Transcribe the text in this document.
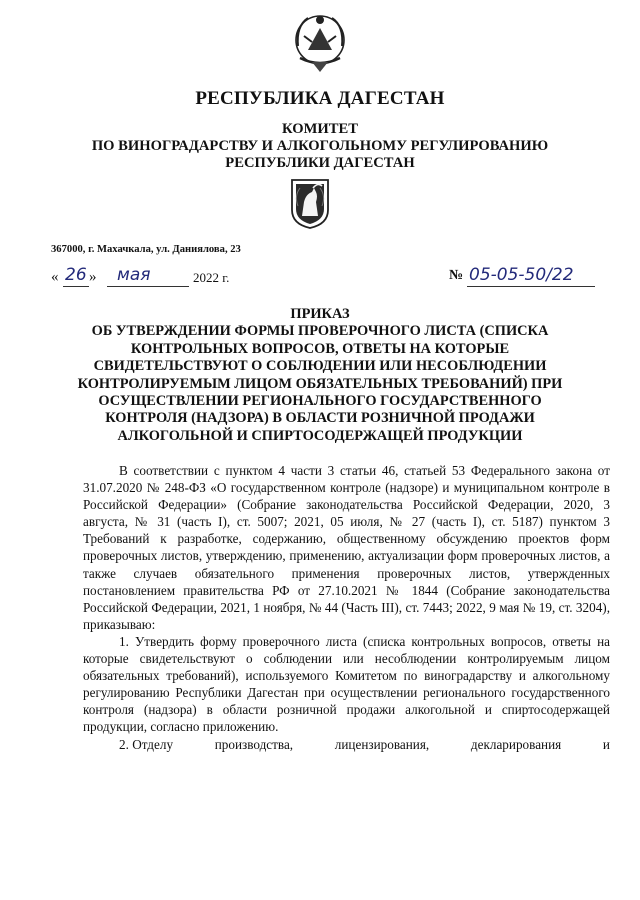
РЕСПУБЛИКА ДАГЕСТАН
КОМИТЕТ
ПО ВИНОГРАДАРСТВУ И АЛКОГОЛЬНОМУ РЕГУЛИРОВАНИЮ
РЕСПУБЛИКИ ДАГЕСТАН
367000, г. Махачкала, ул. Даниялова, 23
« 26 » мая	2022 г.	№ 05-05-50/22
ПРИКАЗ
ОБ УТВЕРЖДЕНИИ ФОРМЫ ПРОВЕРОЧНОГО ЛИСТА (СПИСКА
КОНТРОЛЬНЫХ ВОПРОСОВ, ОТВЕТЫ НА КОТОРЫЕ
СВИДЕТЕЛЬСТВУЮТ О СОБЛЮДЕНИИ ИЛИ НЕСОБЛЮДЕНИИ
КОНТРОЛИРУЕМЫМ ЛИЦОМ ОБЯЗАТЕЛЬНЫХ ТРЕБОВАНИЙ) ПРИ
ОСУЩЕСТВЛЕНИИ РЕГИОНАЛЬНОГО ГОСУДАРСТВЕННОГО
КОНТРОЛЯ (НАДЗОРА) В ОБЛАСТИ РОЗНИЧНОЙ ПРОДАЖИ
АЛКОГОЛЬНОЙ И СПИРТОСОДЕРЖАЩЕЙ ПРОДУКЦИИ

В соответствии с пунктом 4 части 3 статьи 46, статьей 53 Федерального закона от 31.07.2020 № 248-ФЗ «О государственном контроле (надзоре) и муниципальном контроле в Российской Федерации» (Собрание законодательства Российской Федерации, 2020, 3 августа, № 31 (часть I), ст. 5007; 2021, 05 июля, № 27 (часть I), ст. 5187) пунктом 3 Требований к разработке, содержанию, общественному обсуждению проектов форм проверочных листов, утверждению, применению, актуализации форм проверочных листов, а также случаев обязательного применения проверочных листов, утвержденных постановлением правительства РФ от 27.10.2021 № 1844 (Собрание законодательства Российской Федерации, 2021, 1 ноября, № 44 (Часть III), ст. 7443; 2022, 9 мая № 19, ст. 3204), приказываю:

1. Утвердить форму проверочного листа (списка контрольных вопросов, ответы на которые свидетельствуют о соблюдении или несоблюдении контролируемым лицом обязательных требований), используемого Комитетом по виноградарству и алкогольному регулированию Республики Дагестан при осуществлении регионального государственного контроля (надзора) в области розничной продажи алкогольной и спиртосодержащей продукции, согласно приложению.

2. Отделу	производства,	лицензирования,	декларирования	и
